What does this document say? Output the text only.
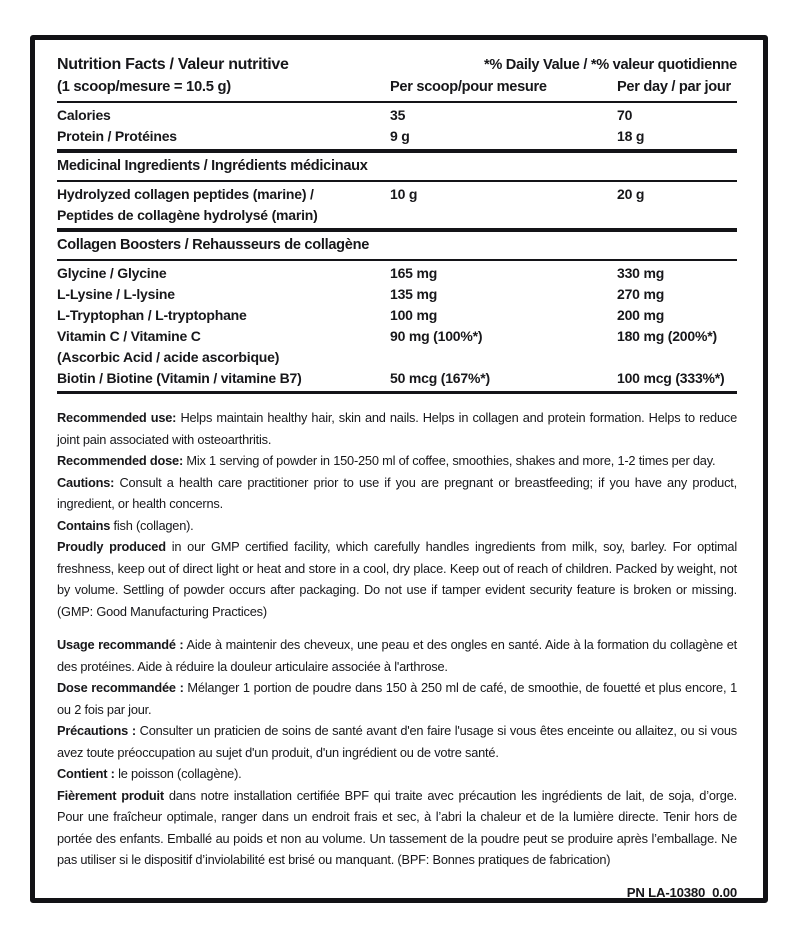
Nutrition Facts / Valeur nutritive	*% Daily Value / *% valeur quotidienne
(1 scoop/mesure = 10.5 g)	Per scoop/pour mesure	Per day / par jour
Calories	35	70
Protein / Protéines	9 g	18 g
Medicinal Ingredients / Ingrédients médicinaux
Hydrolyzed collagen peptides (marine) /
Peptides de collagène hydrolysé (marin)
10 g	20 g
Collagen Boosters / Rehausseurs de collagène
Glycine / Glycine	165 mg	330 mg
L-Lysine / L-lysine	135 mg	270 mg
L-Tryptophan / L-tryptophane	100 mg	200 mg
Vitamin C / Vitamine C	90 mg (100%*)	180 mg (200%*)
(Ascorbic Acid / acide ascorbique)
Biotin / Biotine (Vitamin / vitamine B7)	50 mcg (167%*)	100 mcg (333%*)

Recommended use: Helps maintain healthy hair, skin and nails. Helps in collagen and protein formation. Helps to reduce joint pain associated with osteoarthritis.

Recommended dose: Mix 1 serving of powder in 150-250 ml of coffee, smoothies, shakes and more, 1-2 times per day.

Cautions: Consult a health care practitioner prior to use if you are pregnant or breastfeeding; if you have any product, ingredient, or health concerns.

Contains fish (collagen).

Proudly produced in our GMP certified facility, which carefully handles ingredients from milk, soy, barley. For optimal freshness, keep out of direct light or heat and store in a cool, dry place. Keep out of reach of children. Packed by weight, not by volume. Settling of powder occurs after packaging. Do not use if tamper evident security feature is broken or missing. (GMP: Good Manufacturing Practices)

Usage recommandé : Aide à maintenir des cheveux, une peau et des ongles en santé. Aide à la formation du collagène et des protéines. Aide à réduire la douleur articulaire associée à l'arthrose.

Dose recommandée : Mélanger 1 portion de poudre dans 150 à 250 ml de café, de smoothie, de fouetté et plus encore, 1 ou 2 fois par jour.

Précautions : Consulter un praticien de soins de santé avant d'en faire l'usage si vous êtes enceinte ou allaitez, ou si vous avez toute préoccupation au sujet d'un produit, d'un ingrédient ou de votre santé.

Contient : le poisson (collagène).

Fièrement produit dans notre installation certifiée BPF qui traite avec précaution les ingrédients de lait, de soja, d’orge. Pour une fraîcheur optimale, ranger dans un endroit frais et sec, à l’abri la chaleur et de la lumière directe. Tenir hors de portée des enfants. Emballé au poids et non au volume. Un tassement de la poudre peut se produire après l’emballage. Ne pas utiliser si le dispositif d’inviolabilité est brisé ou manquant. (BPF: Bonnes pratiques de fabrication)

PN LA-10380  0.00
